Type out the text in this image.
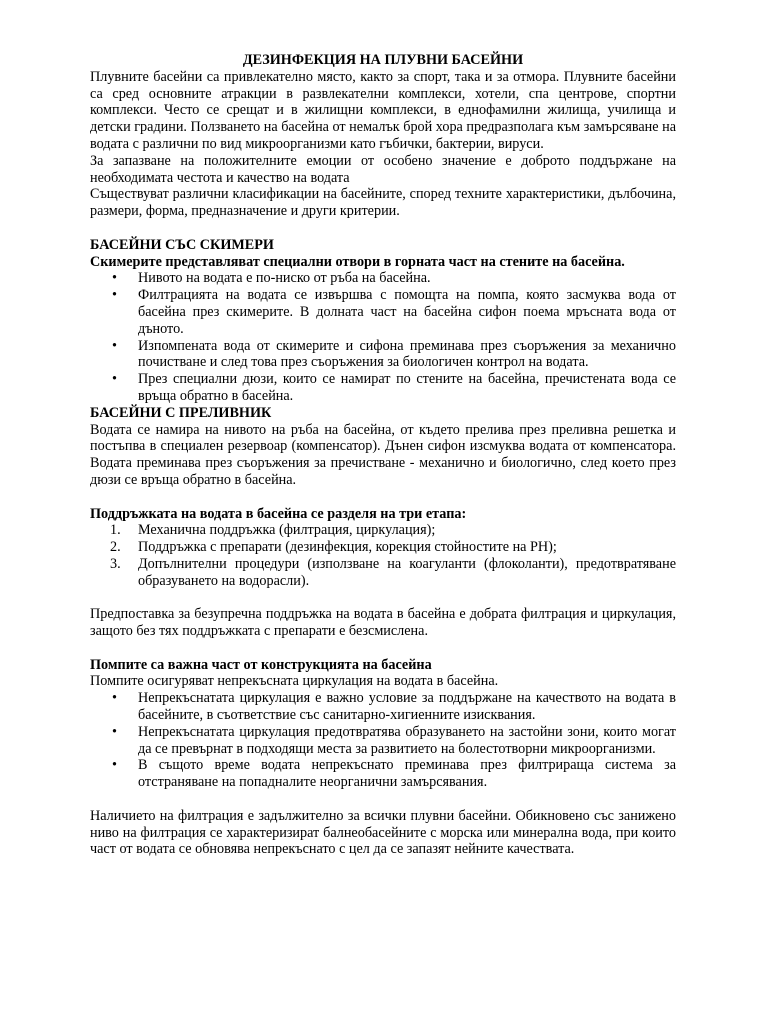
ДЕЗИНФЕКЦИЯ НА ПЛУВНИ БАСЕЙНИ

Плувните басейни са привлекателно място, както за спорт, така и за отмора. Плувните басейни са сред основните атракции в развлекателни комплекси, хотели, спа центрове, спортни комплекси. Често се срещат и в жилищни комплекси, в еднофамилни жилища, училища и детски градини. Ползването на басейна от немалък брой хора предразполага към замърсяване на водата с различни по вид микроорганизми като гъбички, бактерии, вируси.

За запазване на положителните емоции от особено значение е доброто поддържане на необходимата честота и качество на водата

Съществуват различни класификации на басейните, според техните характеристики, дълбочина, размери, форма, предназначение и други критерии.

БАСЕЙНИ СЪС СКИМЕРИ
Скимерите представляват специални отвори в горната част на стените на басейна.
• Нивото на водата е по-ниско от ръба на басейна.
• Филтрацията на водата се извършва с помощта на помпа, която засмуква вода от басейна през скимерите. В долната част на басейна сифон поема мръсната вода от дъното.
• Изпомпената вода от скимерите и сифона преминава през съоръжения за механично почистване и след това през съоръжения за биологичен контрол на водата.
• През специални дюзи, които се намират по стените на басейна, пречистената вода се връща обратно в басейна.
БАСЕЙНИ С ПРЕЛИВНИК

Водата се намира на нивото на ръба на басейна, от където прелива през преливна решетка и постъпва в специален резервоар (компенсатор). Дънен сифон изсмуква водата от компенсатора. Водата преминава през съоръжения за пречистване - механично и биологично, след което през дюзи се връща обратно в басейна.

Поддръжката на водата в басейна се разделя на три етапа:
1. Механична поддръжка (филтрация, циркулация);
2. Поддръжка с препарати (дезинфекция, корекция стойностите на PH);
3. Допълнителни процедури (използване на коагуланти (флоколанти), предотвратяване образуването на водорасли).

Предпоставка за безупречна поддръжка на водата в басейна е добрата филтрация и циркулация, защото без тях поддръжката с препарати е безсмислена.

Помпите са важна част от конструкцията на басейна

Помпите осигуряват непрекъсната циркулация на водата в басейна.

• Непрекъснатата циркулация е важно условие за поддържане на качеството на водата в басейните, в съответствие със санитарно-хигиенните изисквания.
• Непрекъснатата циркулация предотвратява образуването на застойни зони, които могат да се превърнат в подходящи места за развитието на болестотворни микроорганизми.
• В същото време водата непрекъснато преминава през филтрираща система за отстраняване на попадналите неорганични замърсявания.

Наличието на филтрация е задължително за всички плувни басейни. Обикновено със занижено ниво на филтрация се характеризират балнеобасейните с морска или минерална вода, при които част от водата се обновява непрекъснато с цел да се запазят нейните качествата.
